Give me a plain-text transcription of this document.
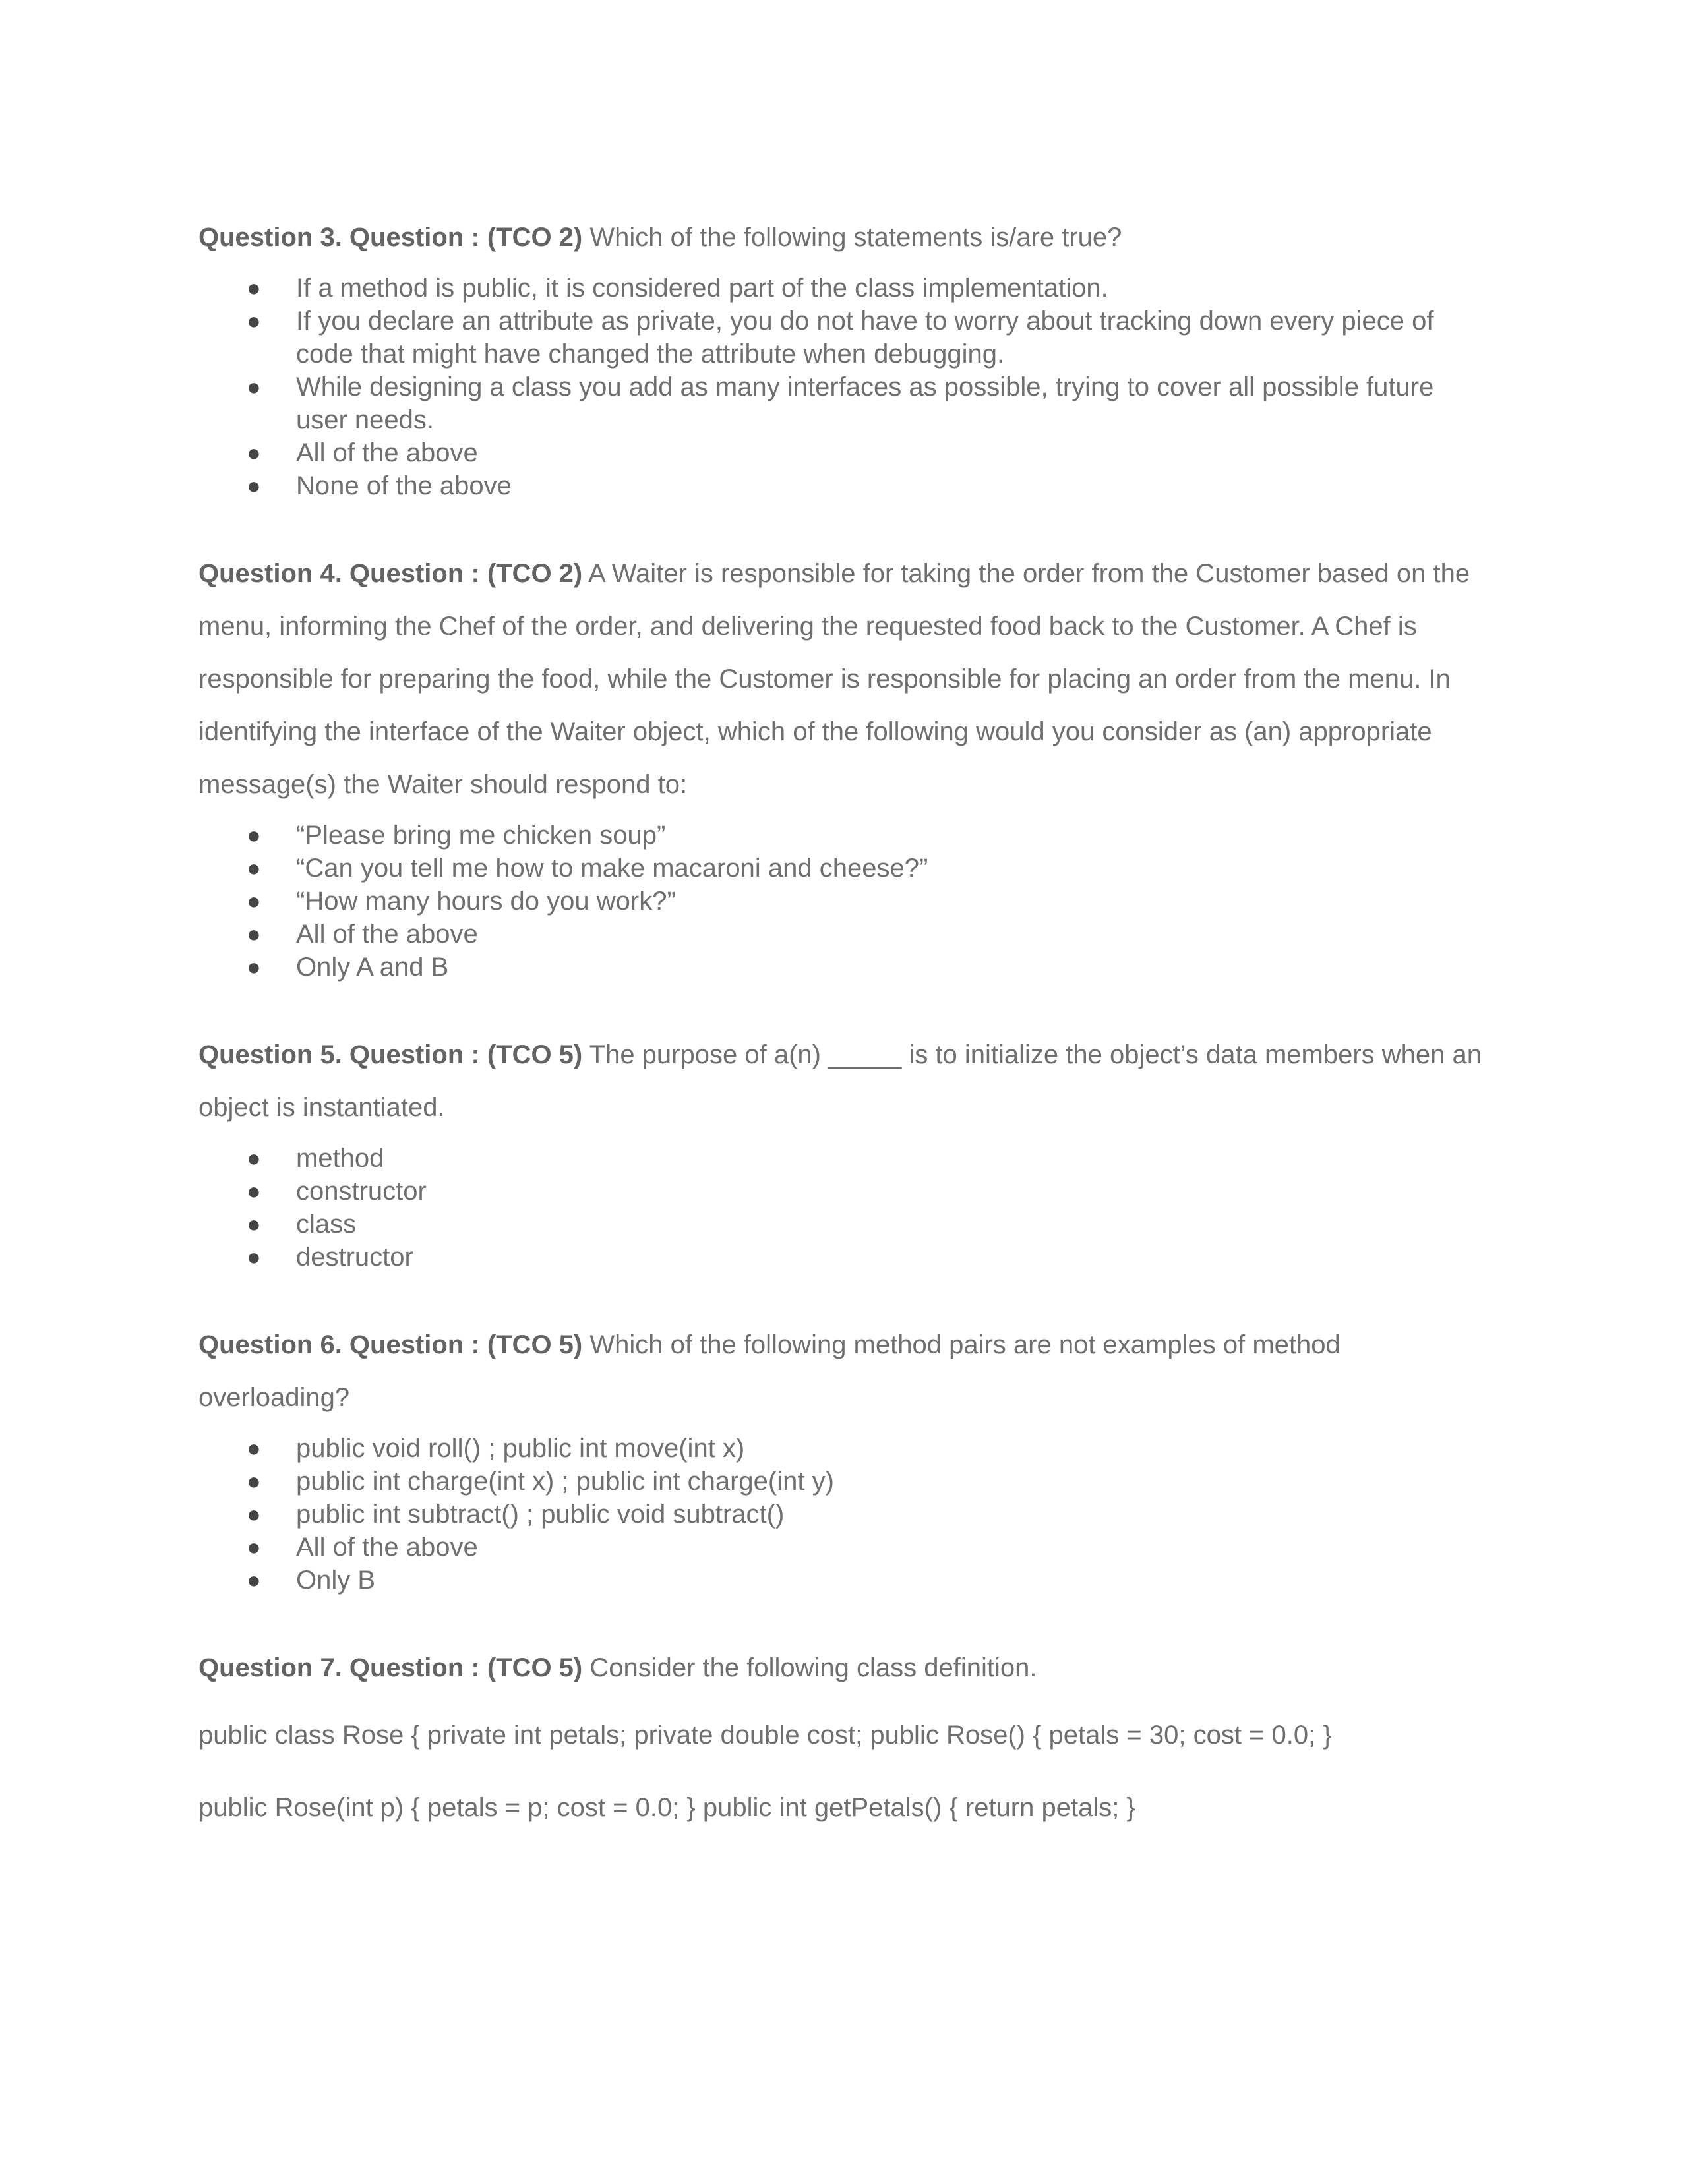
Question 3. Question : (TCO 2) Which of the following statements is/are true?

● If a method is public, it is considered part of the class implementation.
● If you declare an attribute as private, you do not have to worry about tracking down every piece of code that might have changed the attribute when debugging.
● While designing a class you add as many interfaces as possible, trying to cover all possible future user needs.
● All of the above
● None of the above

Question 4. Question : (TCO 2) A Waiter is responsible for taking the order from the Customer based on the menu, informing the Chef of the order, and delivering the requested food back to the Customer. A Chef is responsible for preparing the food, while the Customer is responsible for placing an order from the menu. In identifying the interface of the Waiter object, which of the following would you consider as (an) appropriate message(s) the Waiter should respond to:

● “Please bring me chicken soup”
● “Can you tell me how to make macaroni and cheese?”
● “How many hours do you work?”
● All of the above
● Only A and B

Question 5. Question : (TCO 5) The purpose of a(n) _____ is to initialize the object’s data members when an object is instantiated.

● method
● constructor
● class
● destructor

Question 6. Question : (TCO 5) Which of the following method pairs are not examples of method overloading?

● public void roll() ; public int move(int x)
● public int charge(int x) ; public int charge(int y)
● public int subtract() ; public void subtract()
● All of the above
● Only B

Question 7. Question : (TCO 5) Consider the following class definition.

public class Rose { private int petals; private double cost; public Rose() { petals = 30; cost = 0.0; }

public Rose(int p) { petals = p; cost = 0.0; } public int getPetals() { return petals; }
